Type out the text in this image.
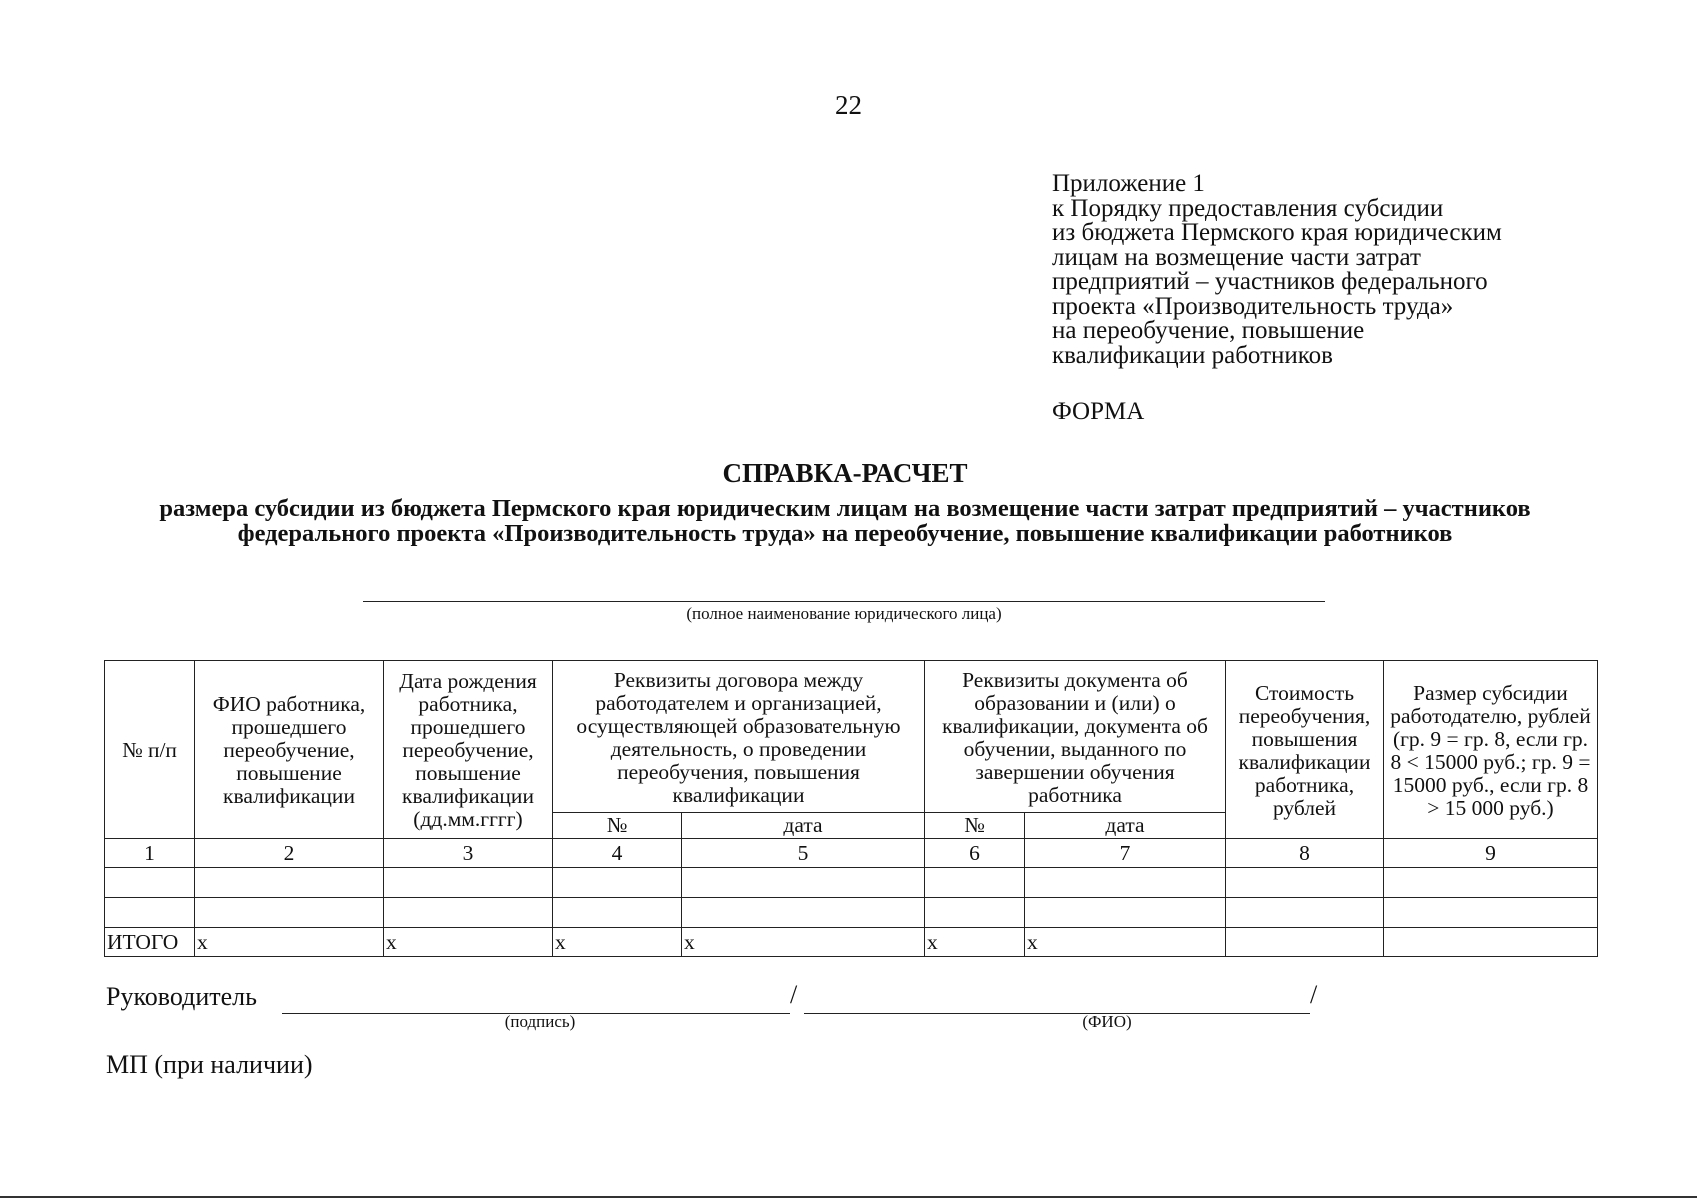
22
Приложение 1
к Порядку предоставления субсидии
из бюджета Пермского края юридическим
лицам на возмещение части затрат
предприятий – участников федерального
проекта «Производительность труда»
на переобучение, повышение
квалификации работников
ФОРМА
СПРАВКА-РАСЧЕТ
размера субсидии из бюджета Пермского края юридическим лицам на возмещение части затрат предприятий – участников федерального проекта «Производительность труда» на переобучение, повышение квалификации работников
(полное наименование юридического лица)
№ п/п	ФИО работника, прошедшего переобучение, повышение квалификации	Дата рождения работника, прошедшего переобучение, повышение квалификации (дд.мм.гггг)	Реквизиты договора между работодателем и организацией, осуществляющей образовательную деятельность, о проведении переобучения, повышения квалификации		Реквизиты документа об образовании и (или) о квалификации, документа об обучении, выданного по завершении обучения работника		Стоимость переобучения, повышения квалификации работника, рублей	Размер субсидии работодателю, рублей (гр. 9 = гр. 8, если гр. 8 < 15000 руб.; гр. 9 = 15000 руб., если гр. 8 > 15 000 руб.)
			№	дата	№	дата		
1	2	3	4	5	6	7	8	9

ИТОГО	x	x	x	x	x	x		
Руководитель	/	/
(подпись)	(ФИО)
МП (при наличии)
